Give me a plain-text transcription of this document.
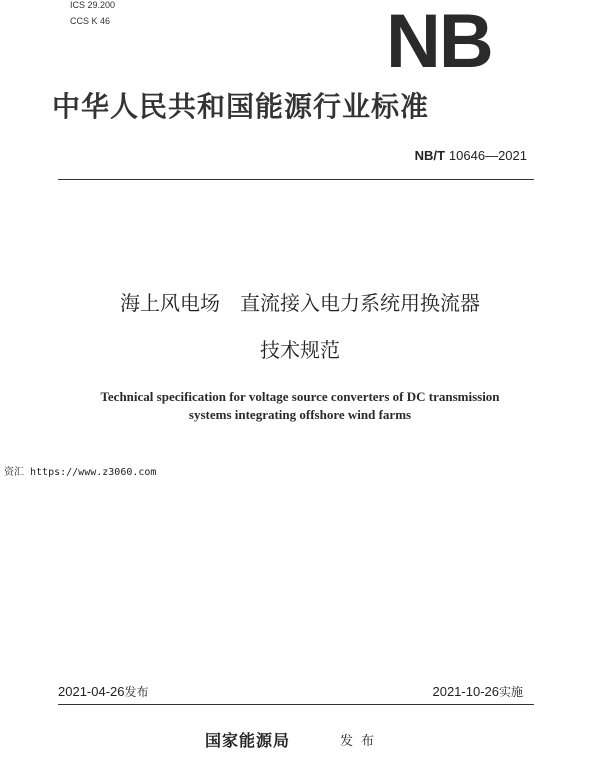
ICS 29.200
CCS K 46	NB
中华人民共和国能源行业标准
NB/T 10646—2021
海上风电场 直流接入电力系统用换流器
技术规范
Technical specification for voltage source converters of DC transmission
systems integrating offshore wind farms
资汇 https://www.z3060.com
2021-04-26发布	2021-10-26实施
国家能源局	发布
